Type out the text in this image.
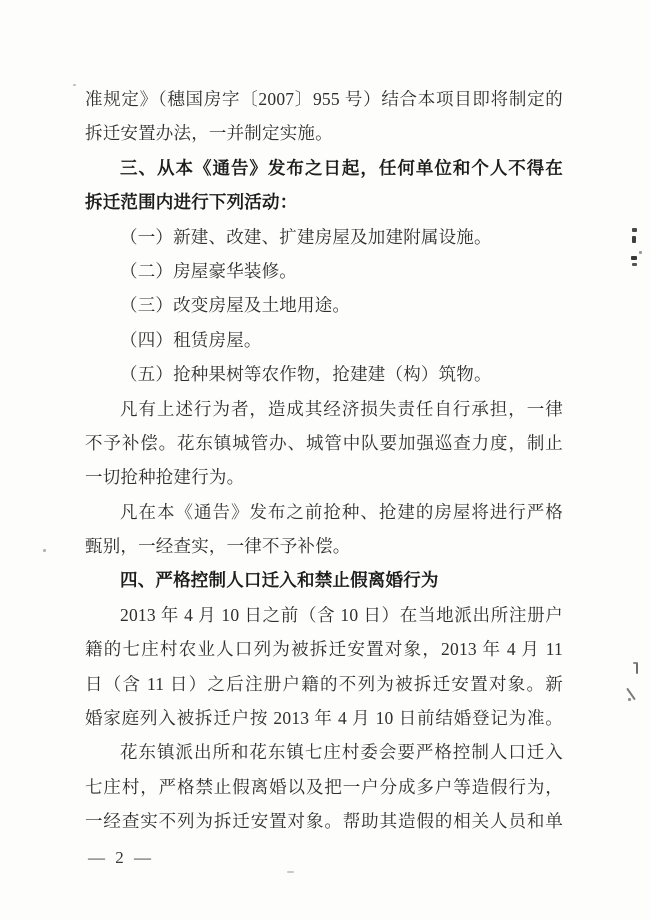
准规定》（穗国房字〔2007〕955 号）结合本项目即将制定的
拆迁安置办法，一并制定实施。
三、从本《通告》发布之日起，任何单位和个人不得在
拆迁范围内进行下列活动：
（一）新建、改建、扩建房屋及加建附属设施。
（二）房屋豪华装修。
（三）改变房屋及土地用途。
（四）租赁房屋。
（五）抢种果树等农作物，抢建建（构）筑物。
凡有上述行为者，造成其经济损失责任自行承担，一律
不予补偿。花东镇城管办、城管中队要加强巡查力度，制止
一切抢种抢建行为。
凡在本《通告》发布之前抢种、抢建的房屋将进行严格
甄别，一经查实，一律不予补偿。
四、严格控制人口迁入和禁止假离婚行为
2013 年 4 月 10 日之前（含 10 日）在当地派出所注册户
籍的七庄村农业人口列为被拆迁安置对象，2013 年 4 月 11
日（含 11 日）之后注册户籍的不列为被拆迁安置对象。新
婚家庭列入被拆迁户按 2013 年 4 月 10 日前结婚登记为准。
花东镇派出所和花东镇七庄村委会要严格控制人口迁入
七庄村，严格禁止假离婚以及把一户分成多户等造假行为，
一经查实不列为拆迁安置对象。帮助其造假的相关人员和单
— 2 —
